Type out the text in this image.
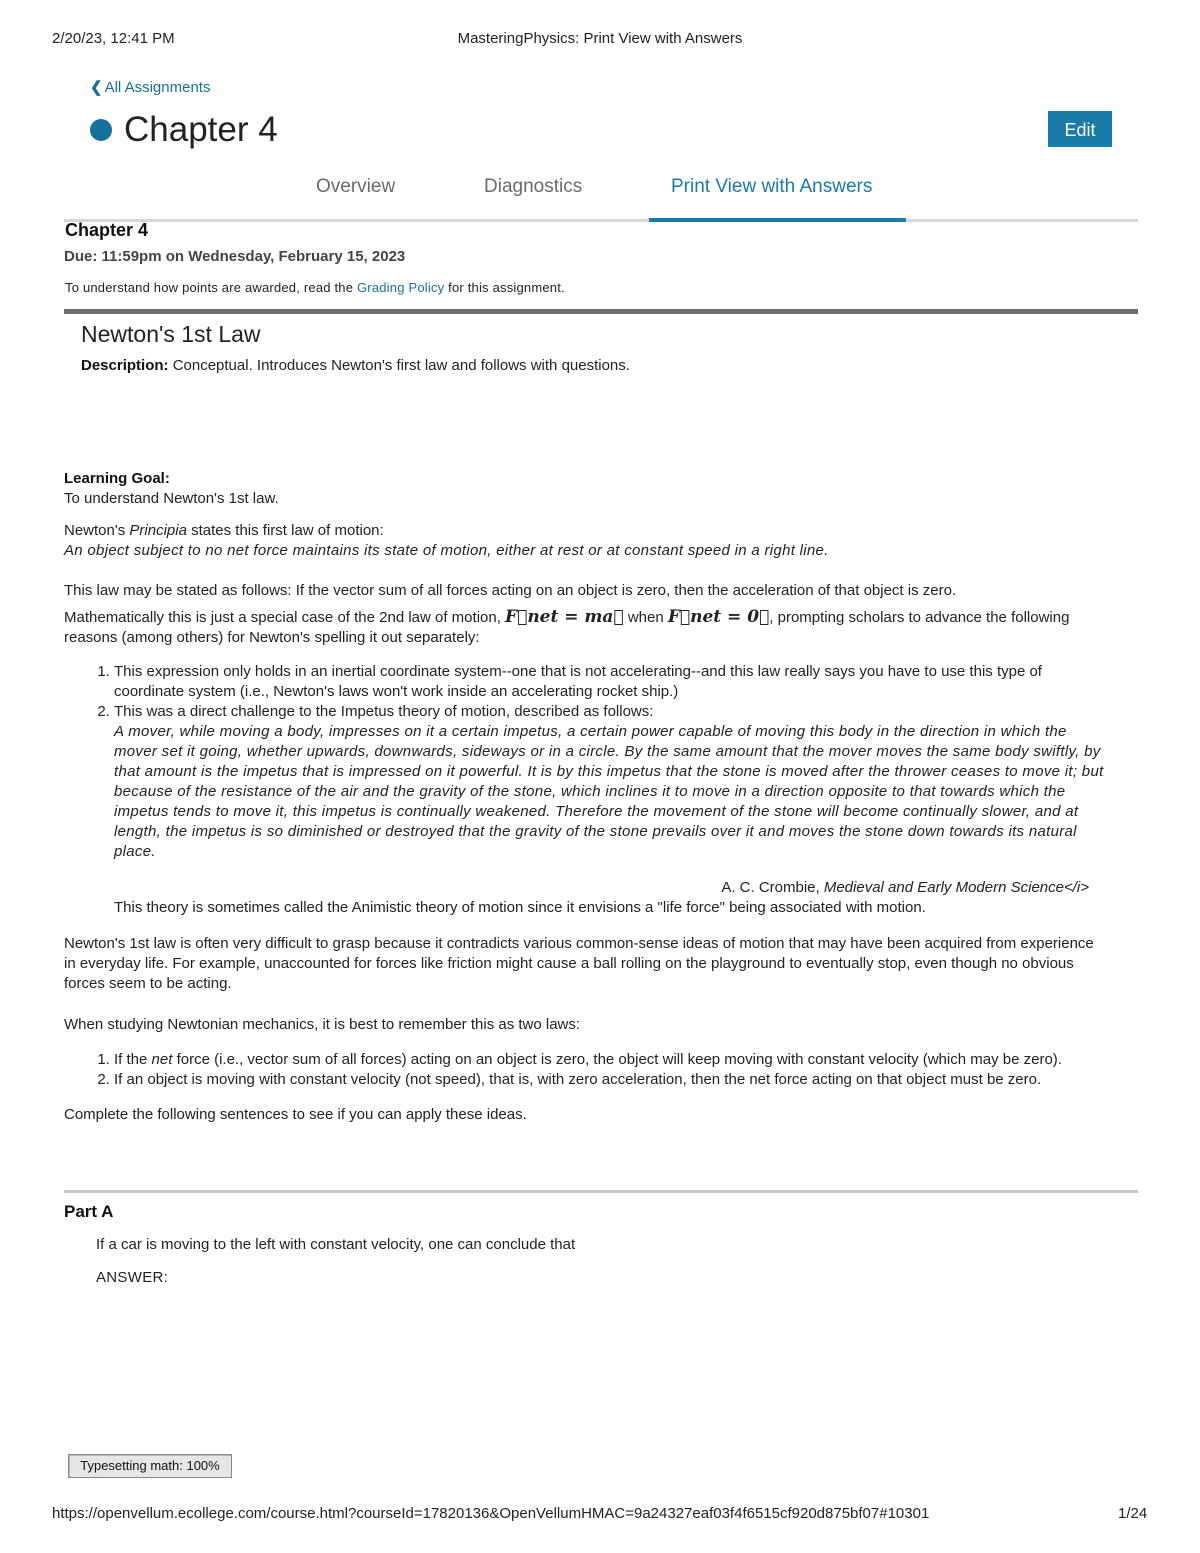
2/20/23, 12:41 PM	MasteringPhysics: Print View with Answers
❮ All Assignments
Chapter 4	Edit
Overview	Diagnostics	Print View with Answers
Chapter 4
Due: 11:59pm on Wednesday, February 15, 2023
To understand how points are awarded, read the Grading Policy for this assignment.
Newton's 1st Law
Description: Conceptual. Introduces Newton's first law and follows with questions.

Learning Goal:

To understand Newton's 1st law.

Newton's Principia states this first law of motion:

An object subject to no net force maintains its state of motion, either at rest or at constant speed in a right line.

This law may be stated as follows: If the vector sum of all forces acting on an object is zero, then the acceleration of that object is zero.

Mathematically this is just a special case of the 2nd law of motion, F⃗net = ma⃗ when F⃗net = 0⃗, prompting scholars to advance the following reasons (among others) for Newton's spelling it out separately:

1. This expression only holds in an inertial coordinate system--one that is not accelerating--and this law really says you have to use this type of coordinate system (i.e., Newton's laws won't work inside an accelerating rocket ship.)
2. This was a direct challenge to the Impetus theory of motion, described as follows:
A mover, while moving a body, impresses on it a certain impetus, a certain power capable of moving this body in the direction in which the mover set it going, whether upwards, downwards, sideways or in a circle. By the same amount that the mover moves the same body swiftly, by that amount is the impetus that is impressed on it powerful. It is by this impetus that the stone is moved after the thrower ceases to move it; but because of the resistance of the air and the gravity of the stone, which inclines it to move in a direction opposite to that towards which the impetus tends to move it, this impetus is continually weakened. Therefore the movement of the stone will become continually slower, and at length, the impetus is so diminished or destroyed that the gravity of the stone prevails over it and moves the stone down towards its natural place.
A. C. Crombie, Medieval and Early Modern Science</i>
This theory is sometimes called the Animistic theory of motion since it envisions a "life force" being associated with motion.

Newton's 1st law is often very difficult to grasp because it contradicts various common-sense ideas of motion that may have been acquired from experience in everyday life. For example, unaccounted for forces like friction might cause a ball rolling on the playground to eventually stop, even though no obvious forces seem to be acting.

When studying Newtonian mechanics, it is best to remember this as two laws:

1. If the net force (i.e., vector sum of all forces) acting on an object is zero, the object will keep moving with constant velocity (which may be zero).
2. If an object is moving with constant velocity (not speed), that is, with zero acceleration, then the net force acting on that object must be zero.

Complete the following sentences to see if you can apply these ideas.

Part A
If a car is moving to the left with constant velocity, one can conclude that
ANSWER:
Typesetting math: 100%
https://openvellum.ecollege.com/course.html?courseId=17820136&OpenVellumHMAC=9a24327eaf03f4f6515cf920d875bf07#10301	1/24
